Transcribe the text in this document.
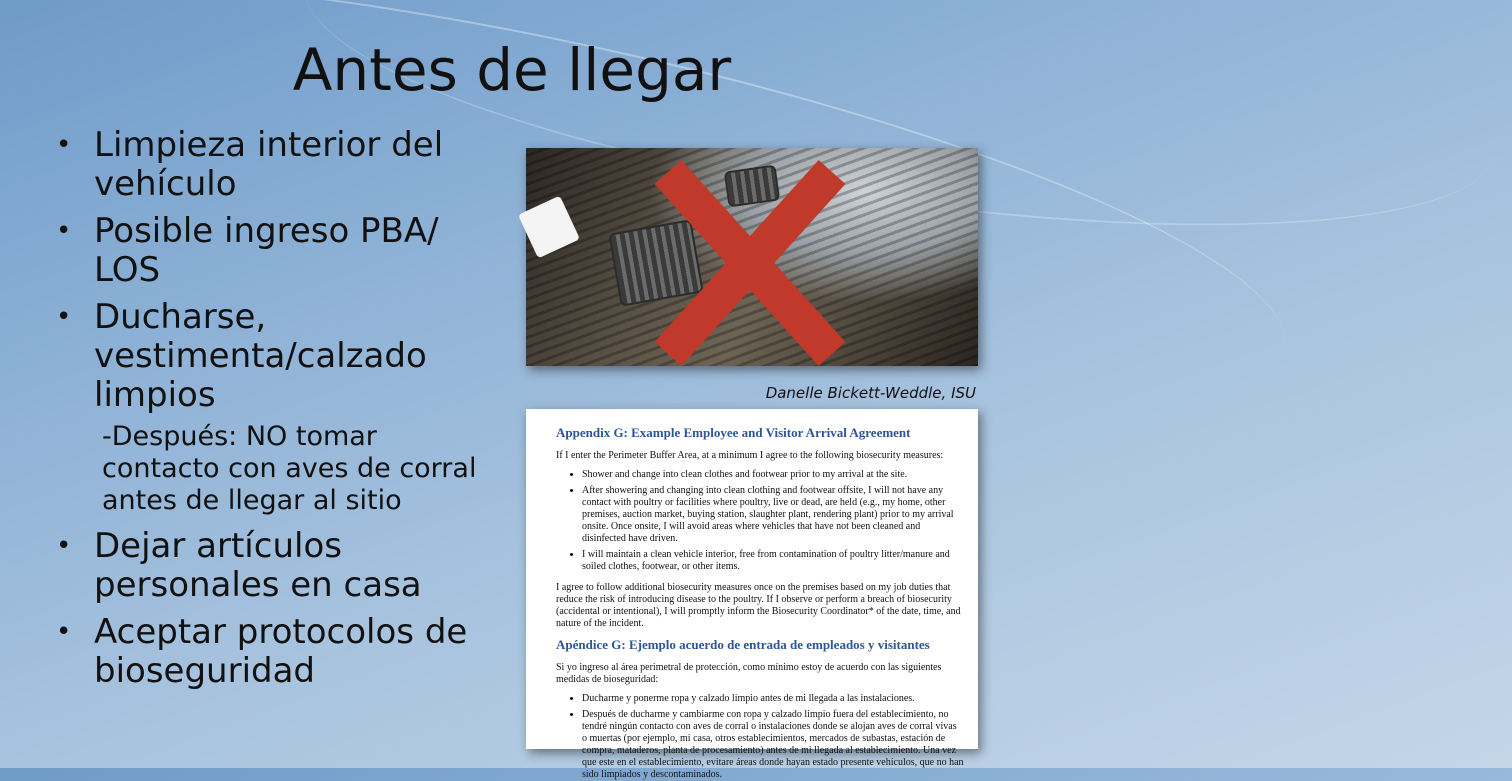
Antes de llegar
• Limpieza interior del vehículo
• Posible ingreso PBA/ LOS
• Ducharse, vestimenta/calzado limpios
-Después: NO tomar contacto con aves de corral antes de llegar al sitio
• Dejar artículos personales en casa
• Aceptar protocolos de bioseguridad
Danelle Bickett-Weddle, ISU
Appendix G: Example Employee and Visitor Arrival Agreement

If I enter the Perimeter Buffer Area, at a minimum I agree to the following biosecurity measures:

• Shower and change into clean clothes and footwear prior to my arrival at the site.
• After showering and changing into clean clothing and footwear offsite, I will not have any contact with poultry or facilities where poultry, live or dead, are held (e.g., my home, other premises, auction market, buying station, slaughter plant, rendering plant) prior to my arrival onsite. Once onsite, I will avoid areas where vehicles that have not been cleaned and disinfected have driven.
• I will maintain a clean vehicle interior, free from contamination of poultry litter/manure and soiled clothes, footwear, or other items.

I agree to follow additional biosecurity measures once on the premises based on my job duties that reduce the risk of introducing disease to the poultry. If I observe or perform a breach of biosecurity (accidental or intentional), I will promptly inform the Biosecurity Coordinator* of the date, time, and nature of the incident.

Apéndice G: Ejemplo acuerdo de entrada de empleados y visitantes

Si yo ingreso al área perimetral de protección, como mínimo estoy de acuerdo con las siguientes medidas de bioseguridad:

• Ducharme y ponerme ropa y calzado limpio antes de mi llegada a las instalaciones.
• Después de ducharme y cambiarme con ropa y calzado limpio fuera del establecimiento, no tendré ningún contacto con aves de corral o instalaciones donde se alojan aves de corral vivas o muertas (por ejemplo, mi casa, otros establecimientos, mercados de subastas, estación de compra, mataderos, planta de procesamiento) antes de mi llegada al establecimiento. Una vez que este en el establecimiento, evitare áreas donde hayan estado presente vehículos, que no han sido limpiados y descontaminados.
